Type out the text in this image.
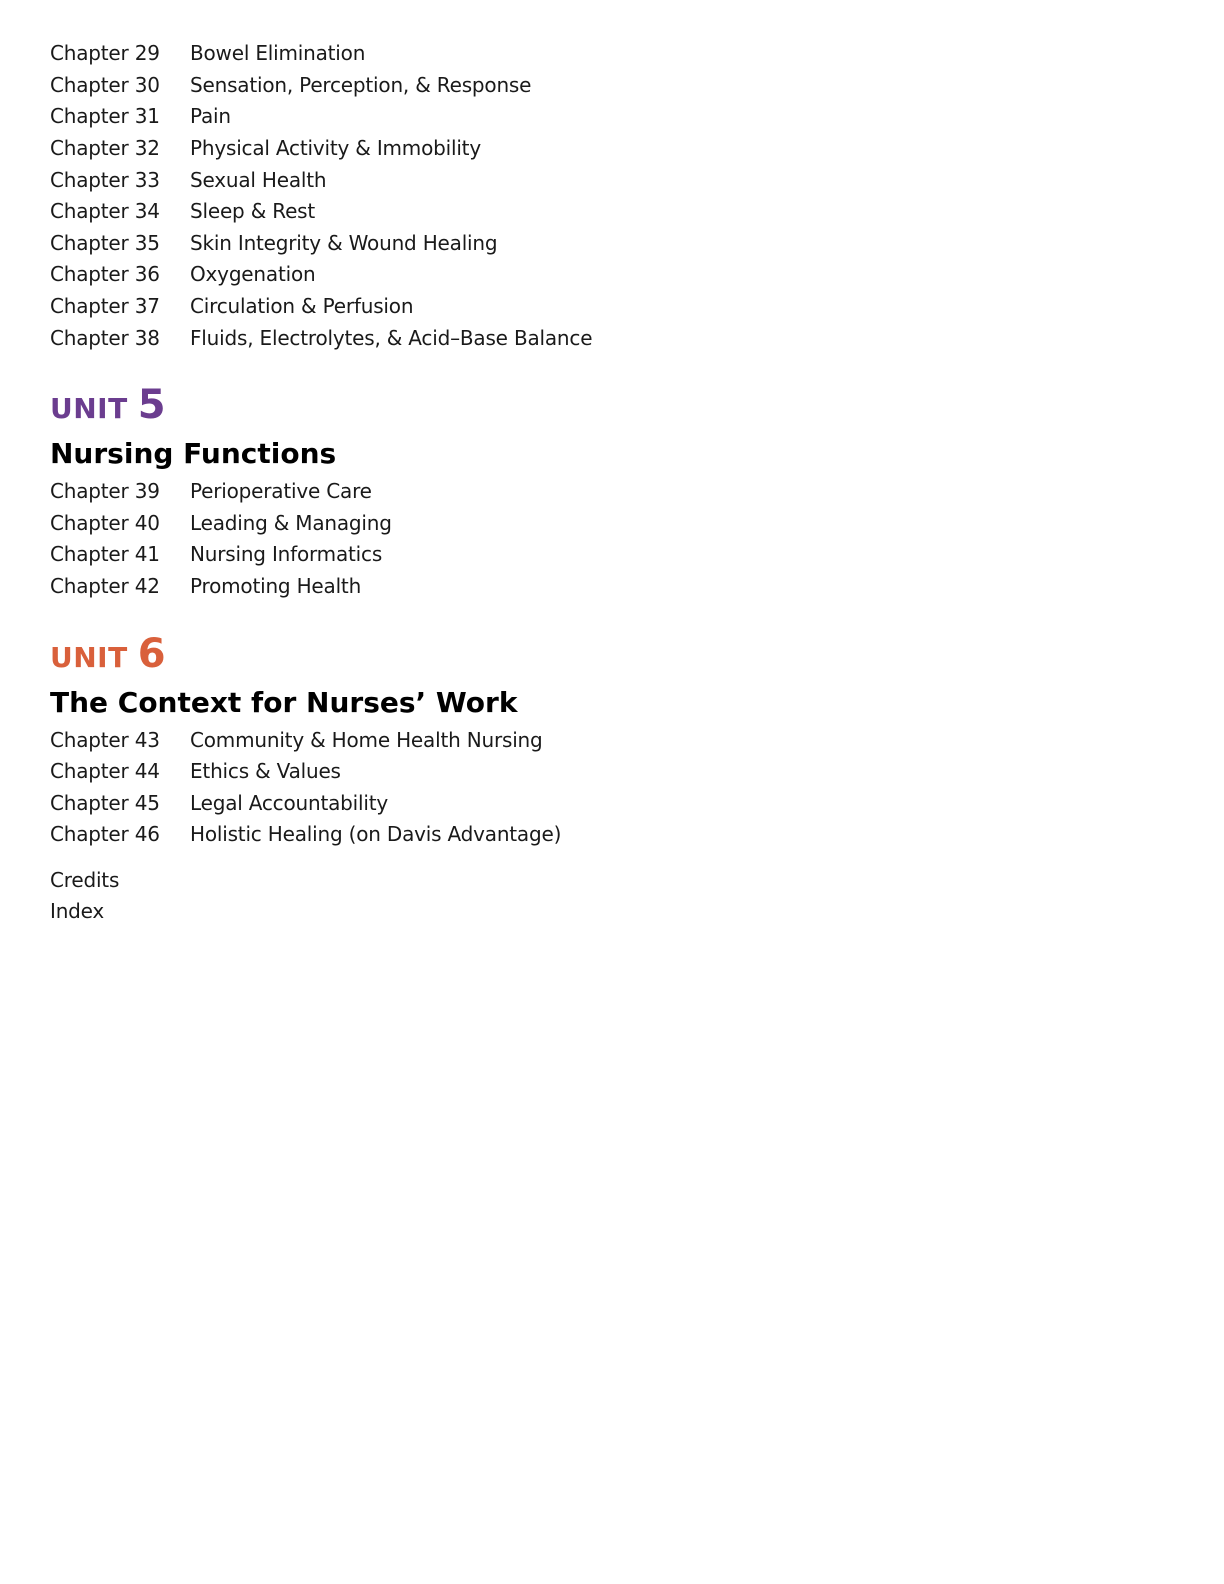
Chapter 29	Bowel Elimination
Chapter 30	Sensation, Perception, & Response
Chapter 31	Pain
Chapter 32	Physical Activity & Immobility
Chapter 33	Sexual Health
Chapter 34	Sleep & Rest
Chapter 35	Skin Integrity & Wound Healing
Chapter 36	Oxygenation
Chapter 37	Circulation & Perfusion
Chapter 38	Fluids, Electrolytes, & Acid–Base Balance
UNIT 5
Nursing Functions
Chapter 39	Perioperative Care
Chapter 40	Leading & Managing
Chapter 41	Nursing Informatics
Chapter 42	Promoting Health
UNIT 6
The Context for Nurses’ Work
Chapter 43	Community & Home Health Nursing
Chapter 44	Ethics & Values
Chapter 45	Legal Accountability
Chapter 46	Holistic Healing (on Davis Advantage)
Credits
Index
